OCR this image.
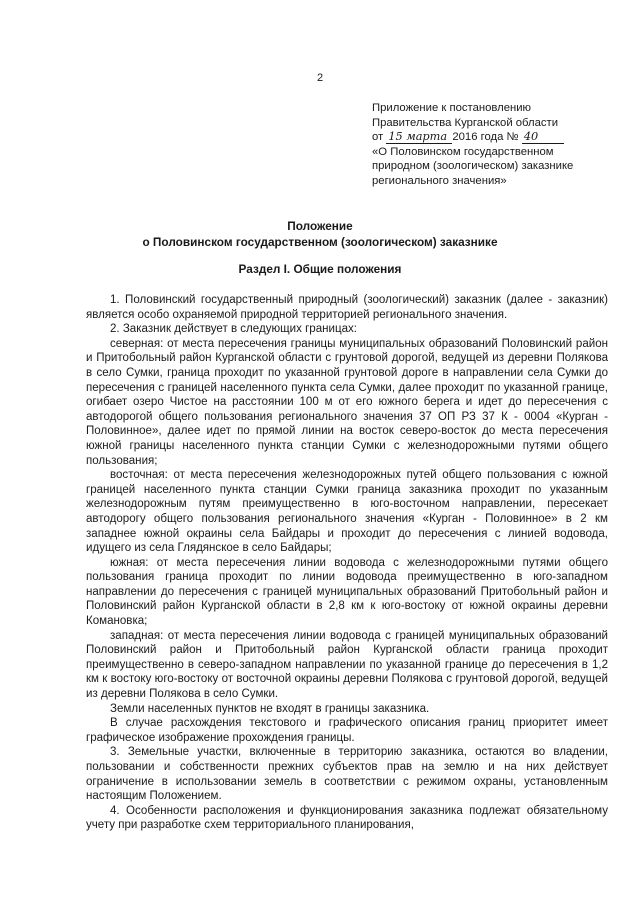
2
Приложение к постановлению
Правительства Курганской области
от 15 марта 2016 года № 40
«О Половинском государственном
природном (зоологическом) заказнике
регионального значения»
Положение
о Половинском государственном (зоологическом) заказнике
Раздел I. Общие положения

1. Половинский государственный природный (зоологический) заказник (далее - заказник) является особо охраняемой природной территорией регионального значения.

2. Заказник действует в следующих границах:

северная: от места пересечения границы муниципальных образований Половинский район и Притобольный район Курганской области с грунтовой дорогой, ведущей из деревни Полякова в село Сумки, граница проходит по указанной грунтовой дороге в направлении села Сумки до пересечения с границей населенного пункта села Сумки, далее проходит по указанной границе, огибает озеро Чистое на расстоянии 100 м от его южного берега и идет до пересечения с автодорогой общего пользования регионального значения 37 ОП РЗ 37 К - 0004 «Курган - Половинное», далее идет по прямой линии на восток северо-восток до места пересечения южной границы населенного пункта станции Сумки с железнодорожными путями общего пользования;

восточная: от места пересечения железнодорожных путей общего пользования с южной границей населенного пункта станции Сумки граница заказника проходит по указанным железнодорожным путям преимущественно в юго-восточном направлении, пересекает автодорогу общего пользования регионального значения «Курган - Половинное» в 2 км западнее южной окраины села Байдары и проходит до пересечения с линией водовода, идущего из села Глядянское в село Байдары;

южная: от места пересечения линии водовода с железнодорожными путями общего пользования граница проходит по линии водовода преимущественно в юго-западном направлении до пересечения с границей муниципальных образований Притобольный район и Половинский район Курганской области в 2,8 км к юго-востоку от южной окраины деревни Комановка;

западная: от места пересечения линии водовода с границей муниципальных образований Половинский район и Притобольный район Курганской области граница проходит преимущественно в северо-западном направлении по указанной границе до пересечения в 1,2 км к востоку юго-востоку от восточной окраины деревни Полякова с грунтовой дорогой, ведущей из деревни Полякова в село Сумки.

Земли населенных пунктов не входят в границы заказника.

В случае расхождения текстового и графического описания границ приоритет имеет графическое изображение прохождения границы.

3. Земельные участки, включенные в территорию заказника, остаются во владении, пользовании и собственности прежних субъектов прав на землю и на них действует ограничение в использовании земель в соответствии с режимом охраны, установленным настоящим Положением.

4. Особенности расположения и функционирования заказника подлежат обязательному учету при разработке схем территориального планирования,
